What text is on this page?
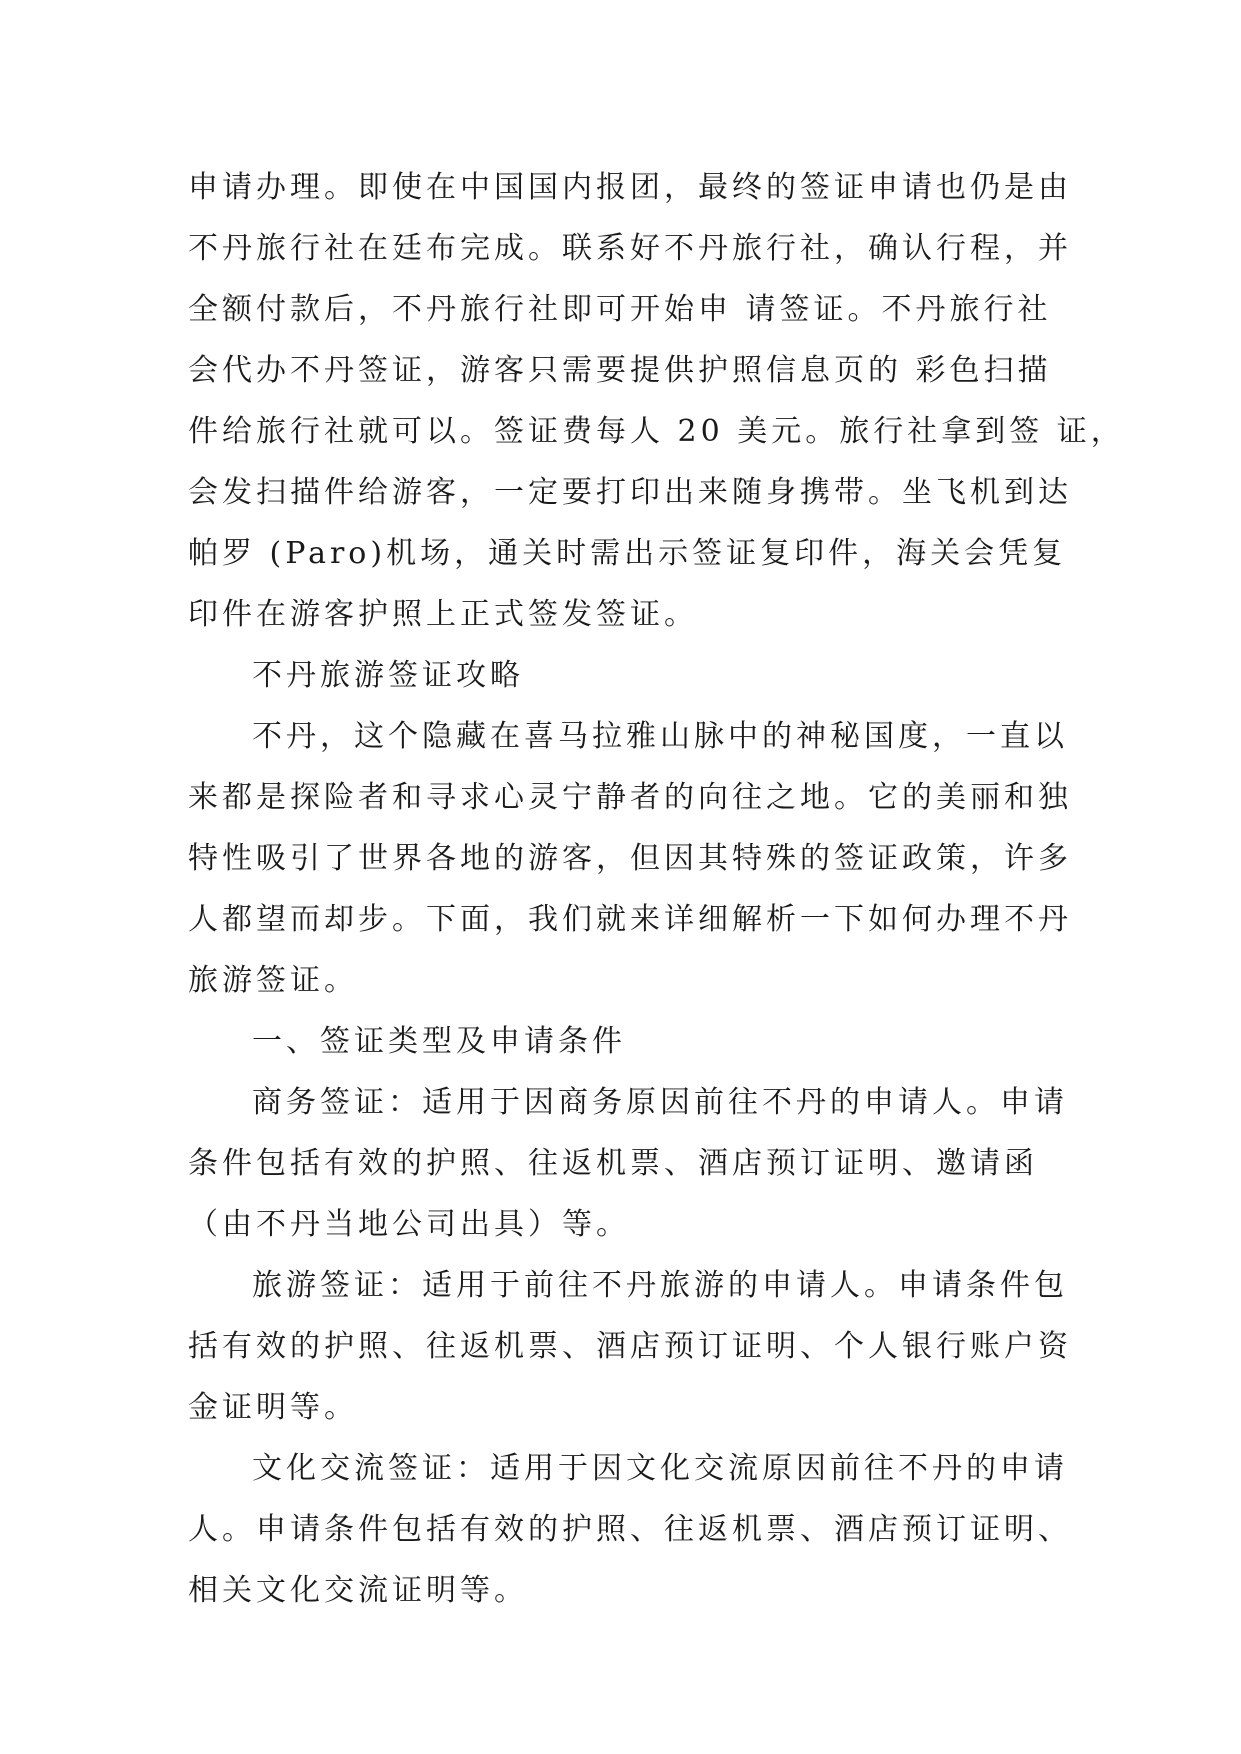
申请办理。即使在中国国内报团，最终的签证申请也仍是由

不丹旅行社在廷布完成。联系好不丹旅行社，确认行程，并

全额付款后，不丹旅行社即可开始申 请签证。不丹旅行社

会代办不丹签证，游客只需要提供护照信息页的 彩色扫描

件给旅行社就可以。签证费每人 20 美元。旅行社拿到签 证，

会发扫描件给游客，一定要打印出来随身携带。坐飞机到达

帕罗 (Paro)机场，通关时需出示签证复印件，海关会凭复

印件在游客护照上正式签发签证。

不丹旅游签证攻略

不丹，这个隐藏在喜马拉雅山脉中的神秘国度，一直以

来都是探险者和寻求心灵宁静者的向往之地。它的美丽和独

特性吸引了世界各地的游客，但因其特殊的签证政策，许多

人都望而却步。下面，我们就来详细解析一下如何办理不丹

旅游签证。

一、签证类型及申请条件

商务签证：适用于因商务原因前往不丹的申请人。申请

条件包括有效的护照、往返机票、酒店预订证明、邀请函

（由不丹当地公司出具）等。

旅游签证：适用于前往不丹旅游的申请人。申请条件包

括有效的护照、往返机票、酒店预订证明、个人银行账户资

金证明等。

文化交流签证：适用于因文化交流原因前往不丹的申请

人。申请条件包括有效的护照、往返机票、酒店预订证明、

相关文化交流证明等。
